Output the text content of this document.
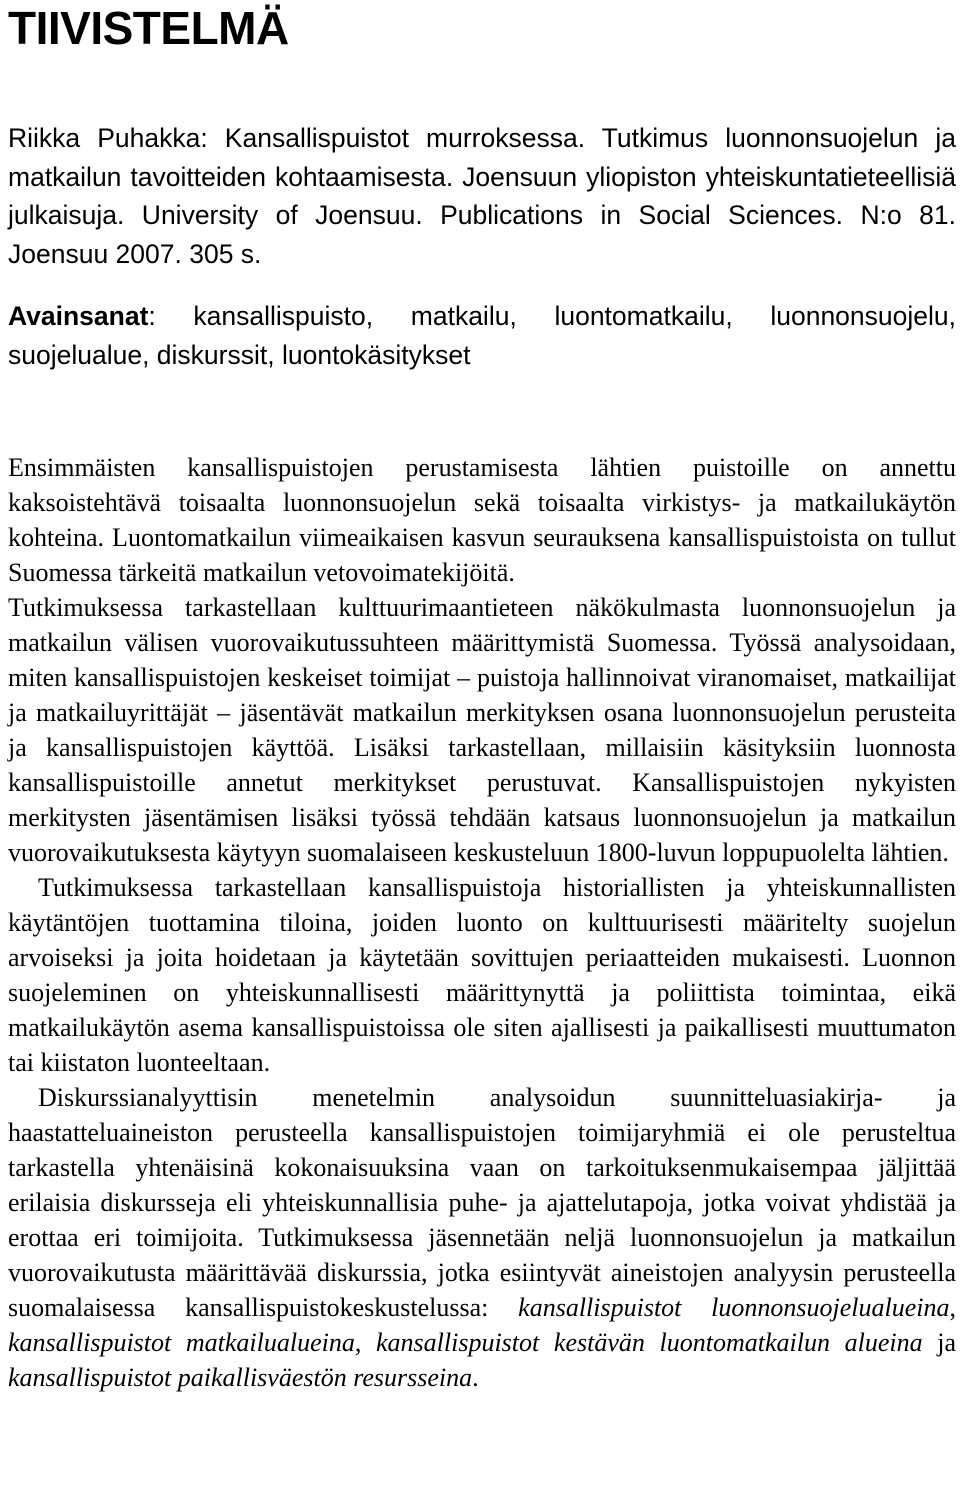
TIIVISTELMÄ

Riikka Puhakka: Kansallispuistot murroksessa. Tutkimus luonnonsuojelun ja matkailun tavoitteiden kohtaamisesta. Joensuun yliopiston yhteiskuntatieteellisiä julkaisuja. University of Joensuu. Publications in Social Sciences. N:o 81. Joensuu 2007. 305 s.

Avainsanat: kansallispuisto, matkailu, luontomatkailu, luonnonsuojelu, suojelualue, diskurssit, luontokäsitykset

Ensimmäisten kansallispuistojen perustamisesta lähtien puistoille on annettu kaksoistehtävä toisaalta luonnonsuojelun sekä toisaalta virkistys- ja matkailukäytön kohteina. Luontomatkailun viimeaikaisen kasvun seurauksena kansallispuistoista on tullut Suomessa tärkeitä matkailun vetovoimatekijöitä.

Tutkimuksessa tarkastellaan kulttuurimaantieteen näkökulmasta luonnonsuojelun ja matkailun välisen vuorovaikutussuhteen määrittymistä Suomessa. Työssä analysoidaan, miten kansallispuistojen keskeiset toimijat – puistoja hallinnoivat viranomaiset, matkailijat ja matkailuyrittäjät – jäsentävät matkailun merkityksen osana luonnonsuojelun perusteita ja kansallispuistojen käyttöä. Lisäksi tarkastellaan, millaisiin käsityksiin luonnosta kansallispuistoille annetut merkitykset perustuvat. Kansallispuistojen nykyisten merkitysten jäsentämisen lisäksi työssä tehdään katsaus luonnonsuojelun ja matkailun vuorovaikutuksesta käytyyn suomalaiseen keskusteluun 1800-luvun loppupuolelta lähtien.

Tutkimuksessa tarkastellaan kansallispuistoja historiallisten ja yhteiskunnallisten käytäntöjen tuottamina tiloina, joiden luonto on kulttuurisesti määritelty suojelun arvoiseksi ja joita hoidetaan ja käytetään sovittujen periaatteiden mukaisesti. Luonnon suojeleminen on yhteiskunnallisesti määrittynyttä ja poliittista toimintaa, eikä matkailukäytön asema kansallispuistoissa ole siten ajallisesti ja paikallisesti muuttumaton tai kiistaton luonteeltaan.

Diskurssianalyyttisin menetelmin analysoidun suunnitteluasiakirja- ja haastatteluaineiston perusteella kansallispuistojen toimijaryhmiä ei ole perusteltua tarkastella yhtenäisinä kokonaisuuksina vaan on tarkoituksenmukaisempaa jäljittää erilaisia diskursseja eli yhteiskunnallisia puhe- ja ajattelutapoja, jotka voivat yhdistää ja erottaa eri toimijoita. Tutkimuksessa jäsennetään neljä luonnonsuojelun ja matkailun vuorovaikutusta määrittävää diskurssia, jotka esiintyvät aineistojen analyysin perusteella suomalaisessa kansallispuistokeskustelussa: kansallispuistot luonnonsuojelualueina, kansallispuistot matkailualueina, kansallispuistot kestävän luontomatkailun alueina ja kansallispuistot paikallisväestön resursseina.
